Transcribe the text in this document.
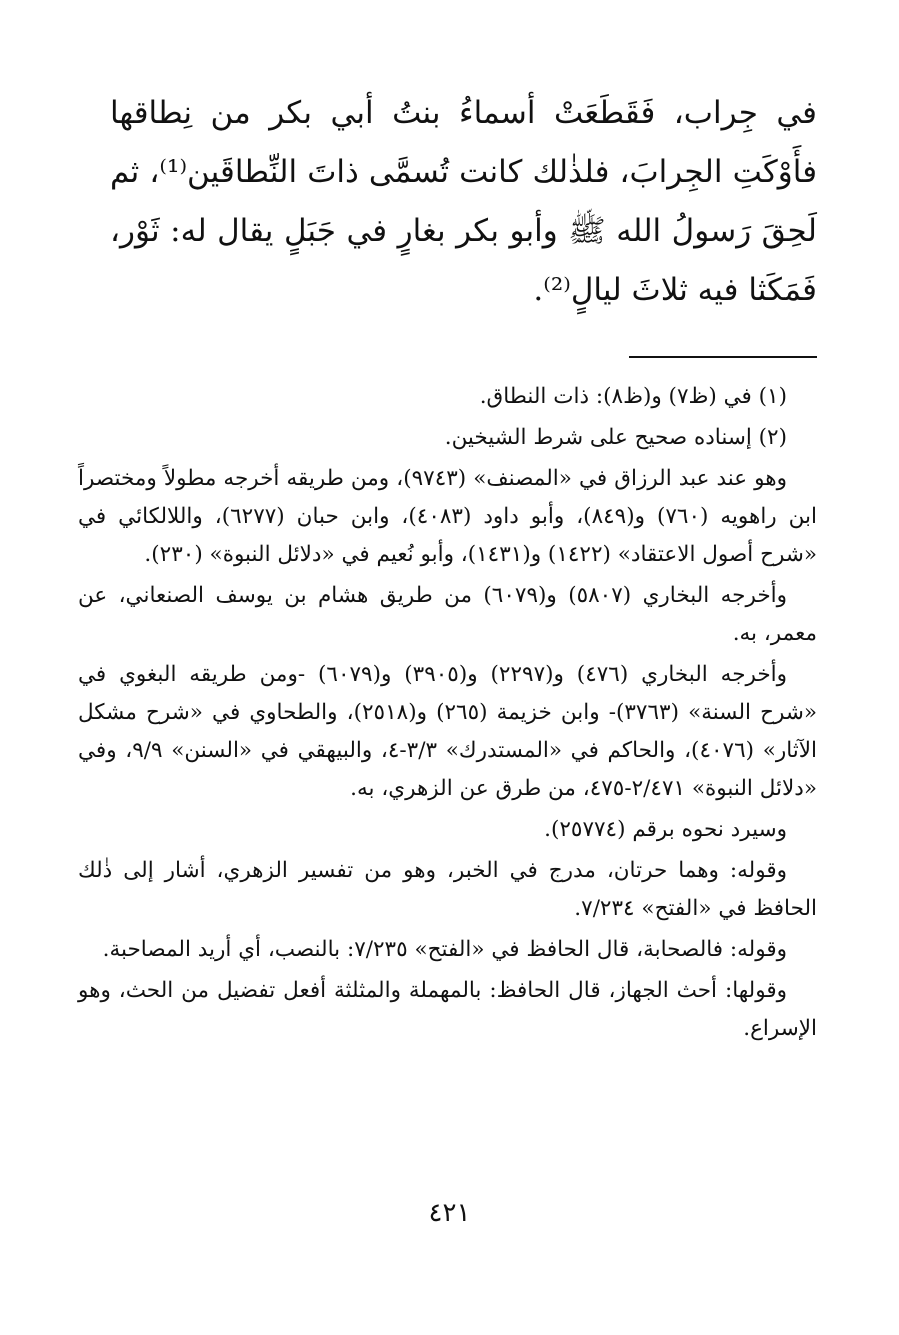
في جِراب، فَقَطَعَتْ أسماءُ بنتُ أبي بكر من نِطاقها فأَوْكَتِ الجِرابَ، فلذٰلك كانت تُسمَّى ذاتَ النِّطاقَين⁽¹⁾، ثم لَحِقَ رَسولُ الله ﷺ وأبو بكر بغارٍ في جَبَلٍ يقال له: ثَوْر، فَمَكَثا فيه ثلاثَ ليالٍ⁽²⁾.

(١) في (ظ٧) و(ظ٨): ذات النطاق.

(٢) إسناده صحيح على شرط الشيخين.

وهو عند عبد الرزاق في «المصنف» (٩٧٤٣)، ومن طريقه أخرجه مطولاً ومختصراً ابن راهويه (٧٦٠) و(٨٤٩)، وأبو داود (٤٠٨٣)، وابن حبان (٦٢٧٧)، واللالكائي في «شرح أصول الاعتقاد» (١٤٢٢) و(١٤٣١)، وأبو نُعيم في «دلائل النبوة» (٢٣٠).

وأخرجه البخاري (٥٨٠٧) و(٦٠٧٩) من طريق هشام بن يوسف الصنعاني، عن معمر، به.

وأخرجه البخاري (٤٧٦) و(٢٢٩٧) و(٣٩٠٥) و(٦٠٧٩) -ومن طريقه البغوي في «شرح السنة» (٣٧٦٣)- وابن خزيمة (٢٦٥) و(٢٥١٨)، والطحاوي في «شرح مشكل الآثار» (٤٠٧٦)، والحاكم في «المستدرك» ٣/٣-٤، والبيهقي في «السنن» ٩/٩، وفي «دلائل النبوة» ٢/٤٧١-٤٧٥، من طرق عن الزهري، به.

وسيرد نحوه برقم (٢٥٧٧٤).

وقوله: وهما حرتان، مدرج في الخبر، وهو من تفسير الزهري، أشار إلى ذٰلك الحافظ في «الفتح» ٧/٢٣٤.

وقوله: فالصحابة، قال الحافظ في «الفتح» ٧/٢٣٥: بالنصب، أي أريد المصاحبة.

وقولها: أحث الجهاز، قال الحافظ: بالمهملة والمثلثة أفعل تفضيل من الحث، وهو الإسراع.

٤٢١
